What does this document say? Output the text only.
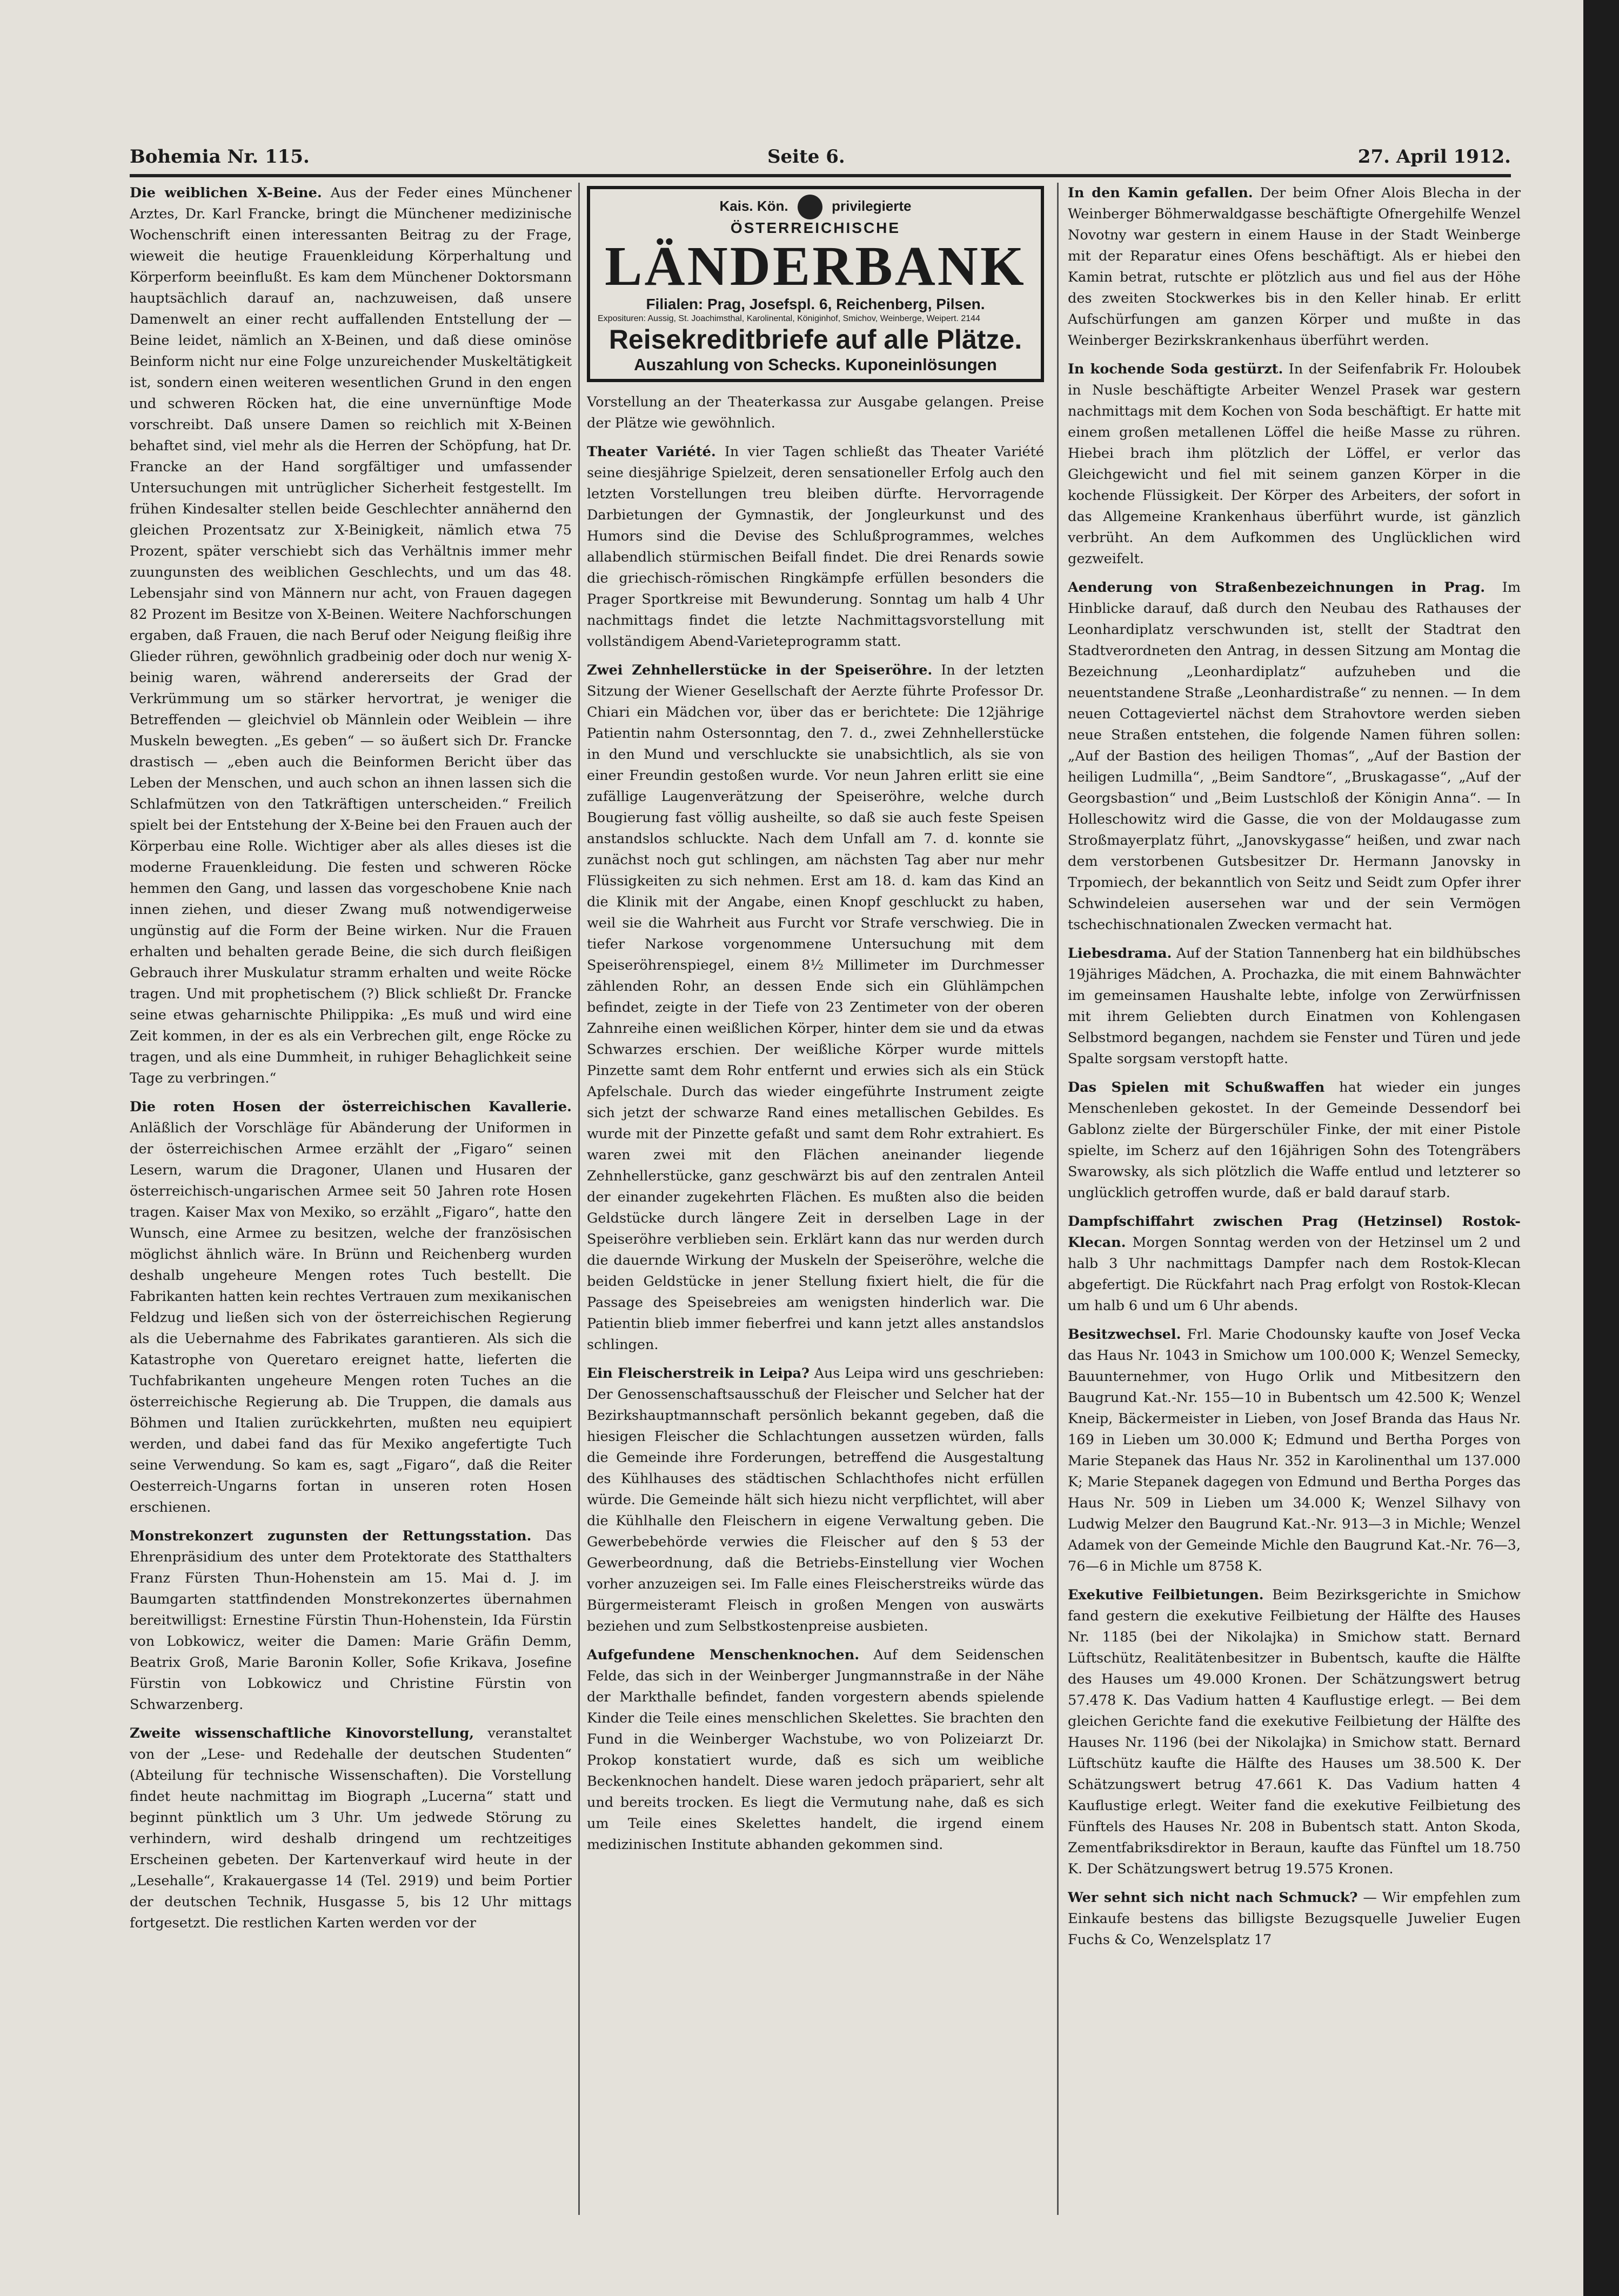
Bohemia Nr. 115.	Seite 6.	27. April 1912.

Die weiblichen X-Beine. Aus der Feder eines Münchener Arztes, Dr. Karl Francke, bringt die Münchener medizinische Wochenschrift einen interessanten Beitrag zu der Frage, wieweit die heutige Frauenkleidung Körperhaltung und Körperform beeinflußt. Es kam dem Münchener Doktorsmann hauptsächlich darauf an, nachzuweisen, daß unsere Damenwelt an einer recht auffallenden Entstellung der — Beine leidet, nämlich an X-Beinen, und daß diese ominöse Beinform nicht nur eine Folge unzureichender Muskeltätigkeit ist, sondern einen weiteren wesentlichen Grund in den engen und schweren Röcken hat, die eine unvernünftige Mode vorschreibt. Daß unsere Damen so reichlich mit X-Beinen behaftet sind, viel mehr als die Herren der Schöpfung, hat Dr. Francke an der Hand sorgfältiger und umfassender Untersuchungen mit untrüglicher Sicherheit festgestellt. Im frühen Kindesalter stellen beide Geschlechter annähernd den gleichen Prozentsatz zur X-Beinigkeit, nämlich etwa 75 Prozent, später verschiebt sich das Verhältnis immer mehr zuungunsten des weiblichen Geschlechts, und um das 48. Lebensjahr sind von Männern nur acht, von Frauen dagegen 82 Prozent im Besitze von X-Beinen. Weitere Nachforschungen ergaben, daß Frauen, die nach Beruf oder Neigung fleißig ihre Glieder rühren, gewöhnlich gradbeinig oder doch nur wenig X-beinig waren, während andererseits der Grad der Verkrümmung um so stärker hervortrat, je weniger die Betreffenden — gleichviel ob Männlein oder Weiblein — ihre Muskeln bewegten. „Es geben“ — so äußert sich Dr. Francke drastisch — „eben auch die Beinformen Bericht über das Leben der Menschen, und auch schon an ihnen lassen sich die Schlafmützen von den Tatkräftigen unterscheiden.“ Freilich spielt bei der Entstehung der X-Beine bei den Frauen auch der Körperbau eine Rolle. Wichtiger aber als alles dieses ist die moderne Frauenkleidung. Die festen und schweren Röcke hemmen den Gang, und lassen das vorgeschobene Knie nach innen ziehen, und dieser Zwang muß notwendigerweise ungünstig auf die Form der Beine wirken. Nur die Frauen erhalten und behalten gerade Beine, die sich durch fleißigen Gebrauch ihrer Muskulatur stramm erhalten und weite Röcke tragen. Und mit prophetischem (?) Blick schließt Dr. Francke seine etwas geharnischte Philippika: „Es muß und wird eine Zeit kommen, in der es als ein Verbrechen gilt, enge Röcke zu tragen, und als eine Dummheit, in ruhiger Behaglichkeit seine Tage zu verbringen.“

Die roten Hosen der österreichischen Kavallerie. Anläßlich der Vorschläge für Abänderung der Uniformen in der österreichischen Armee erzählt der „Figaro“ seinen Lesern, warum die Dragoner, Ulanen und Husaren der österreichisch-ungarischen Armee seit 50 Jahren rote Hosen tragen. Kaiser Max von Mexiko, so erzählt „Figaro“, hatte den Wunsch, eine Armee zu besitzen, welche der französischen möglichst ähnlich wäre. In Brünn und Reichenberg wurden deshalb ungeheure Mengen rotes Tuch bestellt. Die Fabrikanten hatten kein rechtes Vertrauen zum mexikanischen Feldzug und ließen sich von der österreichischen Regierung als die Uebernahme des Fabrikates garantieren. Als sich die Katastrophe von Queretaro ereignet hatte, lieferten die Tuchfabrikanten ungeheure Mengen roten Tuches an die österreichische Regierung ab. Die Truppen, die damals aus Böhmen und Italien zurückkehrten, mußten neu equipiert werden, und dabei fand das für Mexiko angefertigte Tuch seine Verwendung. So kam es, sagt „Figaro“, daß die Reiter Oesterreich-Ungarns fortan in unseren roten Hosen erschienen.

Monstrekonzert zugunsten der Rettungsstation. Das Ehrenpräsidium des unter dem Protektorate des Statthalters Franz Fürsten Thun-Hohenstein am 15. Mai d. J. im Baumgarten stattfindenden Monstrekonzertes übernahmen bereitwilligst: Ernestine Fürstin Thun-Hohenstein, Ida Fürstin von Lobkowicz, weiter die Damen: Marie Gräfin Demm, Beatrix Groß, Marie Baronin Koller, Sofie Krikava, Josefine Fürstin von Lobkowicz und Christine Fürstin von Schwarzenberg.

Zweite wissenschaftliche Kinovorstellung, veranstaltet von der „Lese- und Redehalle der deutschen Studenten“ (Abteilung für technische Wissenschaften). Die Vorstellung findet heute nachmittag im Biograph „Lucerna“ statt und beginnt pünktlich um 3 Uhr. Um jedwede Störung zu verhindern, wird deshalb dringend um rechtzeitiges Erscheinen gebeten. Der Kartenverkauf wird heute in der „Lesehalle“, Krakauergasse 14 (Tel. 2919) und beim Portier der deutschen Technik, Husgasse 5, bis 12 Uhr mittags fortgesetzt. Die restlichen Karten werden vor der

Kais. Kön.	privilegierte
ÖSTERREICHISCHE
LÄNDERBANK
Filialen: Prag, Josefspl. 6, Reichenberg, Pilsen.
Exposituren: Aussig, St. Joachimsthal, Karolinental, Königinhof, Smichov, Weinberge, Weipert. 2144
Reisekreditbriefe auf alle Plätze.
Auszahlung von Schecks. Kuponeinlösungen

Vorstellung an der Theaterkassa zur Ausgabe gelangen. Preise der Plätze wie gewöhnlich.

Theater Variété. In vier Tagen schließt das Theater Variété seine diesjährige Spielzeit, deren sensationeller Erfolg auch den letzten Vorstellungen treu bleiben dürfte. Hervorragende Darbietungen der Gymnastik, der Jongleurkunst und des Humors sind die Devise des Schlußprogrammes, welches allabendlich stürmischen Beifall findet. Die drei Renards sowie die griechisch-römischen Ringkämpfe erfüllen besonders die Prager Sportkreise mit Bewunderung. Sonntag um halb 4 Uhr nachmittags findet die letzte Nachmittagsvorstellung mit vollständigem Abend-Varieteprogramm statt.

Zwei Zehnhellerstücke in der Speiseröhre. In der letzten Sitzung der Wiener Gesellschaft der Aerzte führte Professor Dr. Chiari ein Mädchen vor, über das er berichtete: Die 12jährige Patientin nahm Ostersonntag, den 7. d., zwei Zehnhellerstücke in den Mund und verschluckte sie unabsichtlich, als sie von einer Freundin gestoßen wurde. Vor neun Jahren erlitt sie eine zufällige Laugenverätzung der Speiseröhre, welche durch Bougierung fast völlig ausheilte, so daß sie auch feste Speisen anstandslos schluckte. Nach dem Unfall am 7. d. konnte sie zunächst noch gut schlingen, am nächsten Tag aber nur mehr Flüssigkeiten zu sich nehmen. Erst am 18. d. kam das Kind an die Klinik mit der Angabe, einen Knopf geschluckt zu haben, weil sie die Wahrheit aus Furcht vor Strafe verschwieg. Die in tiefer Narkose vorgenommene Untersuchung mit dem Speiseröhrenspiegel, einem 8½ Millimeter im Durchmesser zählenden Rohr, an dessen Ende sich ein Glühlämpchen befindet, zeigte in der Tiefe von 23 Zentimeter von der oberen Zahnreihe einen weißlichen Körper, hinter dem sie und da etwas Schwarzes erschien. Der weißliche Körper wurde mittels Pinzette samt dem Rohr entfernt und erwies sich als ein Stück Apfelschale. Durch das wieder eingeführte Instrument zeigte sich jetzt der schwarze Rand eines metallischen Gebildes. Es wurde mit der Pinzette gefaßt und samt dem Rohr extrahiert. Es waren zwei mit den Flächen aneinander liegende Zehnhellerstücke, ganz geschwärzt bis auf den zentralen Anteil der einander zugekehrten Flächen. Es mußten also die beiden Geldstücke durch längere Zeit in derselben Lage in der Speiseröhre verblieben sein. Erklärt kann das nur werden durch die dauernde Wirkung der Muskeln der Speiseröhre, welche die beiden Geldstücke in jener Stellung fixiert hielt, die für die Passage des Speisebreies am wenigsten hinderlich war. Die Patientin blieb immer fieberfrei und kann jetzt alles anstandslos schlingen.

Ein Fleischerstreik in Leipa? Aus Leipa wird uns geschrieben: Der Genossenschaftsausschuß der Fleischer und Selcher hat der Bezirkshauptmannschaft persönlich bekannt gegeben, daß die hiesigen Fleischer die Schlachtungen aussetzen würden, falls die Gemeinde ihre Forderungen, betreffend die Ausgestaltung des Kühlhauses des städtischen Schlachthofes nicht erfüllen würde. Die Gemeinde hält sich hiezu nicht verpflichtet, will aber die Kühlhalle den Fleischern in eigene Verwaltung geben. Die Gewerbebehörde verwies die Fleischer auf den § 53 der Gewerbeordnung, daß die Betriebs-Einstellung vier Wochen vorher anzuzeigen sei. Im Falle eines Fleischerstreiks würde das Bürgermeisteramt Fleisch in großen Mengen von auswärts beziehen und zum Selbstkostenpreise ausbieten.

Aufgefundene Menschenknochen. Auf dem Seidenschen Felde, das sich in der Weinberger Jungmannstraße in der Nähe der Markthalle befindet, fanden vorgestern abends spielende Kinder die Teile eines menschlichen Skelettes. Sie brachten den Fund in die Weinberger Wachstube, wo von Polizeiarzt Dr. Prokop konstatiert wurde, daß es sich um weibliche Beckenknochen handelt. Diese waren jedoch präpariert, sehr alt und bereits trocken. Es liegt die Vermutung nahe, daß es sich um Teile eines Skelettes handelt, die irgend einem medizinischen Institute abhanden gekommen sind.

In den Kamin gefallen. Der beim Ofner Alois Blecha in der Weinberger Böhmerwaldgasse beschäftigte Ofnergehilfe Wenzel Novotny war gestern in einem Hause in der Stadt Weinberge mit der Reparatur eines Ofens beschäftigt. Als er hiebei den Kamin betrat, rutschte er plötzlich aus und fiel aus der Höhe des zweiten Stockwerkes bis in den Keller hinab. Er erlitt Aufschürfungen am ganzen Körper und mußte in das Weinberger Bezirkskrankenhaus überführt werden.

In kochende Soda gestürzt. In der Seifenfabrik Fr. Holoubek in Nusle beschäftigte Arbeiter Wenzel Prasek war gestern nachmittags mit dem Kochen von Soda beschäftigt. Er hatte mit einem großen metallenen Löffel die heiße Masse zu rühren. Hiebei brach ihm plötzlich der Löffel, er verlor das Gleichgewicht und fiel mit seinem ganzen Körper in die kochende Flüssigkeit. Der Körper des Arbeiters, der sofort in das Allgemeine Krankenhaus überführt wurde, ist gänzlich verbrüht. An dem Aufkommen des Unglücklichen wird gezweifelt.

Aenderung von Straßenbezeichnungen in Prag. Im Hinblicke darauf, daß durch den Neubau des Rathauses der Leonhardiplatz verschwunden ist, stellt der Stadtrat den Stadtverordneten den Antrag, in dessen Sitzung am Montag die Bezeichnung „Leonhardiplatz“ aufzuheben und die neuentstandene Straße „Leonhardistraße“ zu nennen. — In dem neuen Cottageviertel nächst dem Strahovtore werden sieben neue Straßen entstehen, die folgende Namen führen sollen: „Auf der Bastion des heiligen Thomas“, „Auf der Bastion der heiligen Ludmilla“, „Beim Sandtore“, „Bruskagasse“, „Auf der Georgsbastion“ und „Beim Lustschloß der Königin Anna“. — In Holleschowitz wird die Gasse, die von der Moldaugasse zum Stroßmayerplatz führt, „Janovskygasse“ heißen, und zwar nach dem verstorbenen Gutsbesitzer Dr. Hermann Janovsky in Trpomiech, der bekanntlich von Seitz und Seidt zum Opfer ihrer Schwindeleien ausersehen war und der sein Vermögen tschechischnationalen Zwecken vermacht hat.

Liebesdrama. Auf der Station Tannenberg hat ein bildhübsches 19jähriges Mädchen, A. Prochazka, die mit einem Bahnwächter im gemeinsamen Haushalte lebte, infolge von Zerwürfnissen mit ihrem Geliebten durch Einatmen von Kohlengasen Selbstmord begangen, nachdem sie Fenster und Türen und jede Spalte sorgsam verstopft hatte.

Das Spielen mit Schußwaffen hat wieder ein junges Menschenleben gekostet. In der Gemeinde Dessendorf bei Gablonz zielte der Bürgerschüler Finke, der mit einer Pistole spielte, im Scherz auf den 16jährigen Sohn des Totengräbers Swarowsky, als sich plötzlich die Waffe entlud und letzterer so unglücklich getroffen wurde, daß er bald darauf starb.

Dampfschiffahrt zwischen Prag (Hetzinsel) Rostok-Klecan. Morgen Sonntag werden von der Hetzinsel um 2 und halb 3 Uhr nachmittags Dampfer nach dem Rostok-Klecan abgefertigt. Die Rückfahrt nach Prag erfolgt von Rostok-Klecan um halb 6 und um 6 Uhr abends.

Besitzwechsel. Frl. Marie Chodounsky kaufte von Josef Vecka das Haus Nr. 1043 in Smichow um 100.000 K; Wenzel Semecky, Bauunternehmer, von Hugo Orlik und Mitbesitzern den Baugrund Kat.-Nr. 155—10 in Bubentsch um 42.500 K; Wenzel Kneip, Bäckermeister in Lieben, von Josef Branda das Haus Nr. 169 in Lieben um 30.000 K; Edmund und Bertha Porges von Marie Stepanek das Haus Nr. 352 in Karolinenthal um 137.000 K; Marie Stepanek dagegen von Edmund und Bertha Porges das Haus Nr. 509 in Lieben um 34.000 K; Wenzel Silhavy von Ludwig Melzer den Baugrund Kat.-Nr. 913—3 in Michle; Wenzel Adamek von der Gemeinde Michle den Baugrund Kat.-Nr. 76—3, 76—6 in Michle um 8758 K.

Exekutive Feilbietungen. Beim Bezirksgerichte in Smichow fand gestern die exekutive Feilbietung der Hälfte des Hauses Nr. 1185 (bei der Nikolajka) in Smichow statt. Bernard Lüftschütz, Realitätenbesitzer in Bubentsch, kaufte die Hälfte des Hauses um 49.000 Kronen. Der Schätzungswert betrug 57.478 K. Das Vadium hatten 4 Kauflustige erlegt. — Bei dem gleichen Gerichte fand die exekutive Feilbietung der Hälfte des Hauses Nr. 1196 (bei der Nikolajka) in Smichow statt. Bernard Lüftschütz kaufte die Hälfte des Hauses um 38.500 K. Der Schätzungswert betrug 47.661 K. Das Vadium hatten 4 Kauflustige erlegt. Weiter fand die exekutive Feilbietung des Fünftels des Hauses Nr. 208 in Bubentsch statt. Anton Skoda, Zementfabriksdirektor in Beraun, kaufte das Fünftel um 18.750 K. Der Schätzungswert betrug 19.575 Kronen.

Wer sehnt sich nicht nach Schmuck? — Wir empfehlen zum Einkaufe bestens das billigste Bezugsquelle Juwelier Eugen Fuchs & Co, Wenzelsplatz 17
